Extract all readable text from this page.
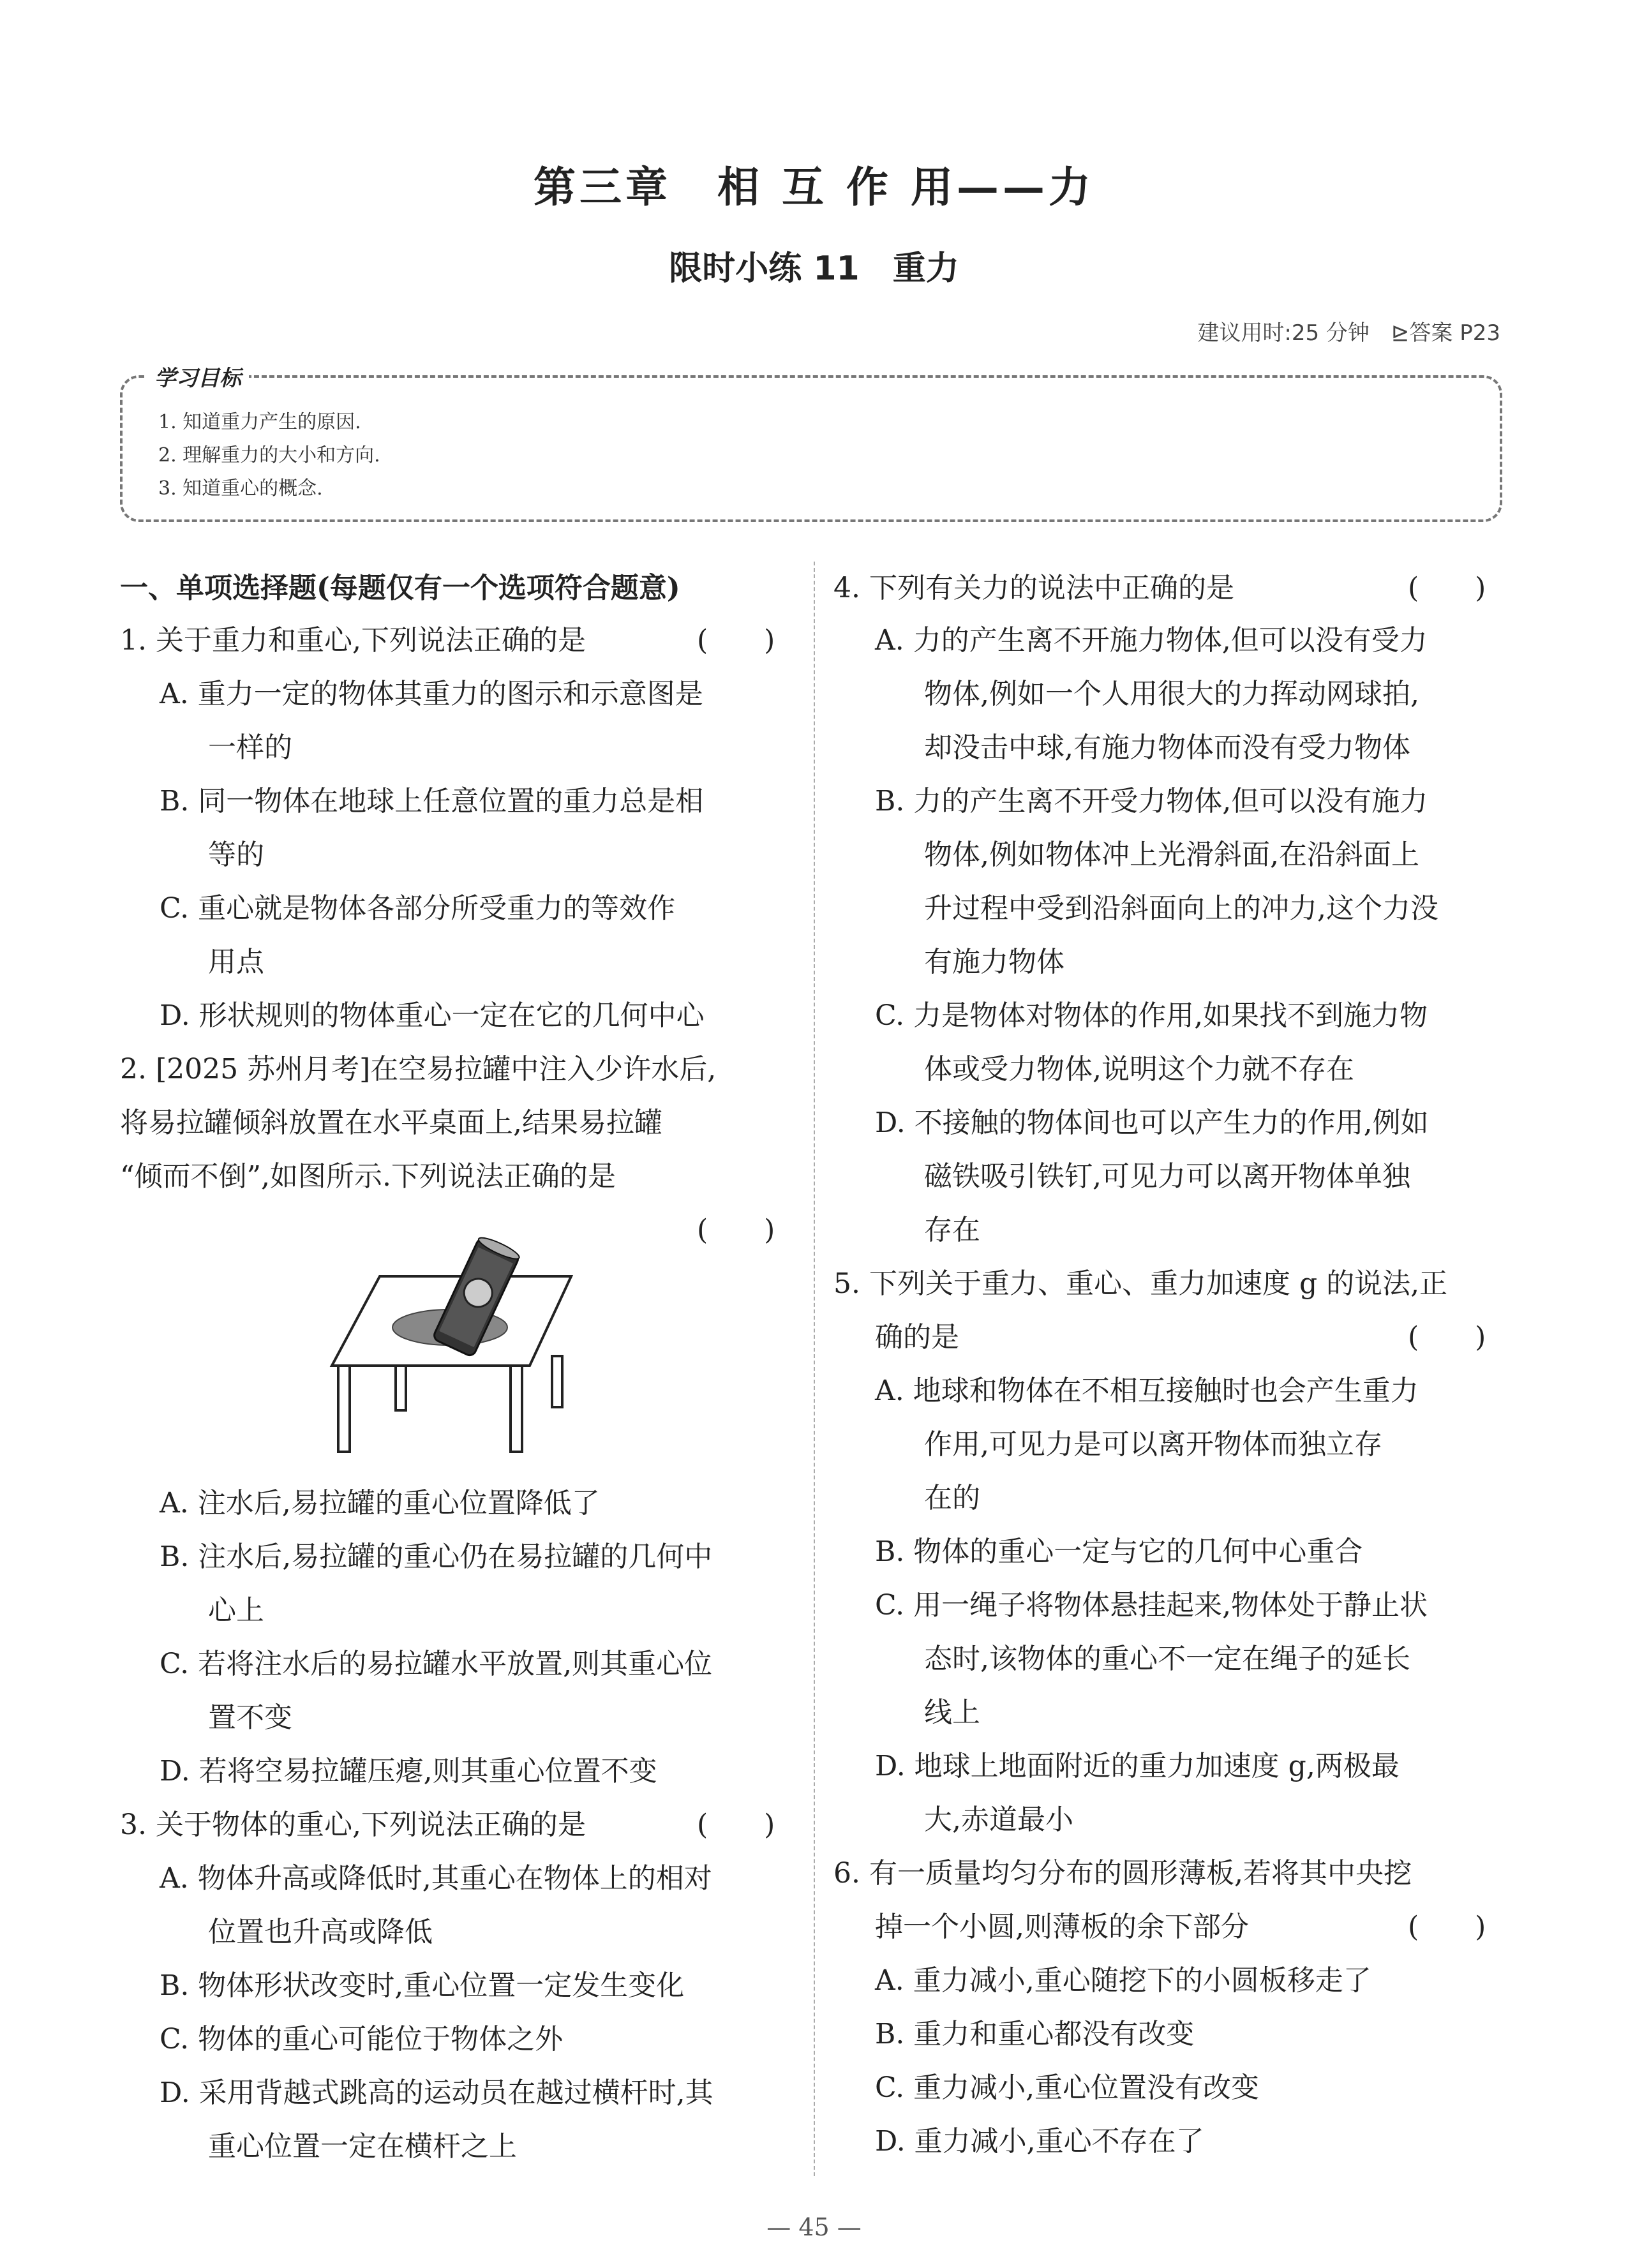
第三章　相 互 作 用——力
限时小练 11　重力
建议用时:25 分钟　⊵答案 P23
学习目标
1. 知道重力产生的原因.
2. 理解重力的大小和方向.
3. 知道重心的概念.
一、单项选择题(每题仅有一个选项符合题意)
1. 关于重力和重心,下列说法正确的是	(　　)
A. 重力一定的物体其重力的图示和示意图是
一样的
B. 同一物体在地球上任意位置的重力总是相
等的
C. 重心就是物体各部分所受重力的等效作
用点
D. 形状规则的物体重心一定在它的几何中心
2. [2025 苏州月考]在空易拉罐中注入少许水后,
将易拉罐倾斜放置在水平桌面上,结果易拉罐
“倾而不倒”,如图所示.下列说法正确的是
(　　)
A. 注水后,易拉罐的重心位置降低了
B. 注水后,易拉罐的重心仍在易拉罐的几何中
心上
C. 若将注水后的易拉罐水平放置,则其重心位
置不变
D. 若将空易拉罐压瘪,则其重心位置不变
3. 关于物体的重心,下列说法正确的是	(　　)
A. 物体升高或降低时,其重心在物体上的相对
位置也升高或降低
B. 物体形状改变时,重心位置一定发生变化
C. 物体的重心可能位于物体之外
D. 采用背越式跳高的运动员在越过横杆时,其
重心位置一定在横杆之上
4. 下列有关力的说法中正确的是	(　　)
A. 力的产生离不开施力物体,但可以没有受力
物体,例如一个人用很大的力挥动网球拍,
却没击中球,有施力物体而没有受力物体
B. 力的产生离不开受力物体,但可以没有施力
物体,例如物体冲上光滑斜面,在沿斜面上
升过程中受到沿斜面向上的冲力,这个力没
有施力物体
C. 力是物体对物体的作用,如果找不到施力物
体或受力物体,说明这个力就不存在
D. 不接触的物体间也可以产生力的作用,例如
磁铁吸引铁钉,可见力可以离开物体单独
存在
5. 下列关于重力、重心、重力加速度 g 的说法,正
确的是	(　　)
A. 地球和物体在不相互接触时也会产生重力
作用,可见力是可以离开物体而独立存
在的
B. 物体的重心一定与它的几何中心重合
C. 用一绳子将物体悬挂起来,物体处于静止状
态时,该物体的重心不一定在绳子的延长
线上
D. 地球上地面附近的重力加速度 g,两极最
大,赤道最小
6. 有一质量均匀分布的圆形薄板,若将其中央挖
掉一个小圆,则薄板的余下部分	(　　)
A. 重力减小,重心随挖下的小圆板移走了
B. 重力和重心都没有改变
C. 重力减小,重心位置没有改变
D. 重力减小,重心不存在了
— 45 —
